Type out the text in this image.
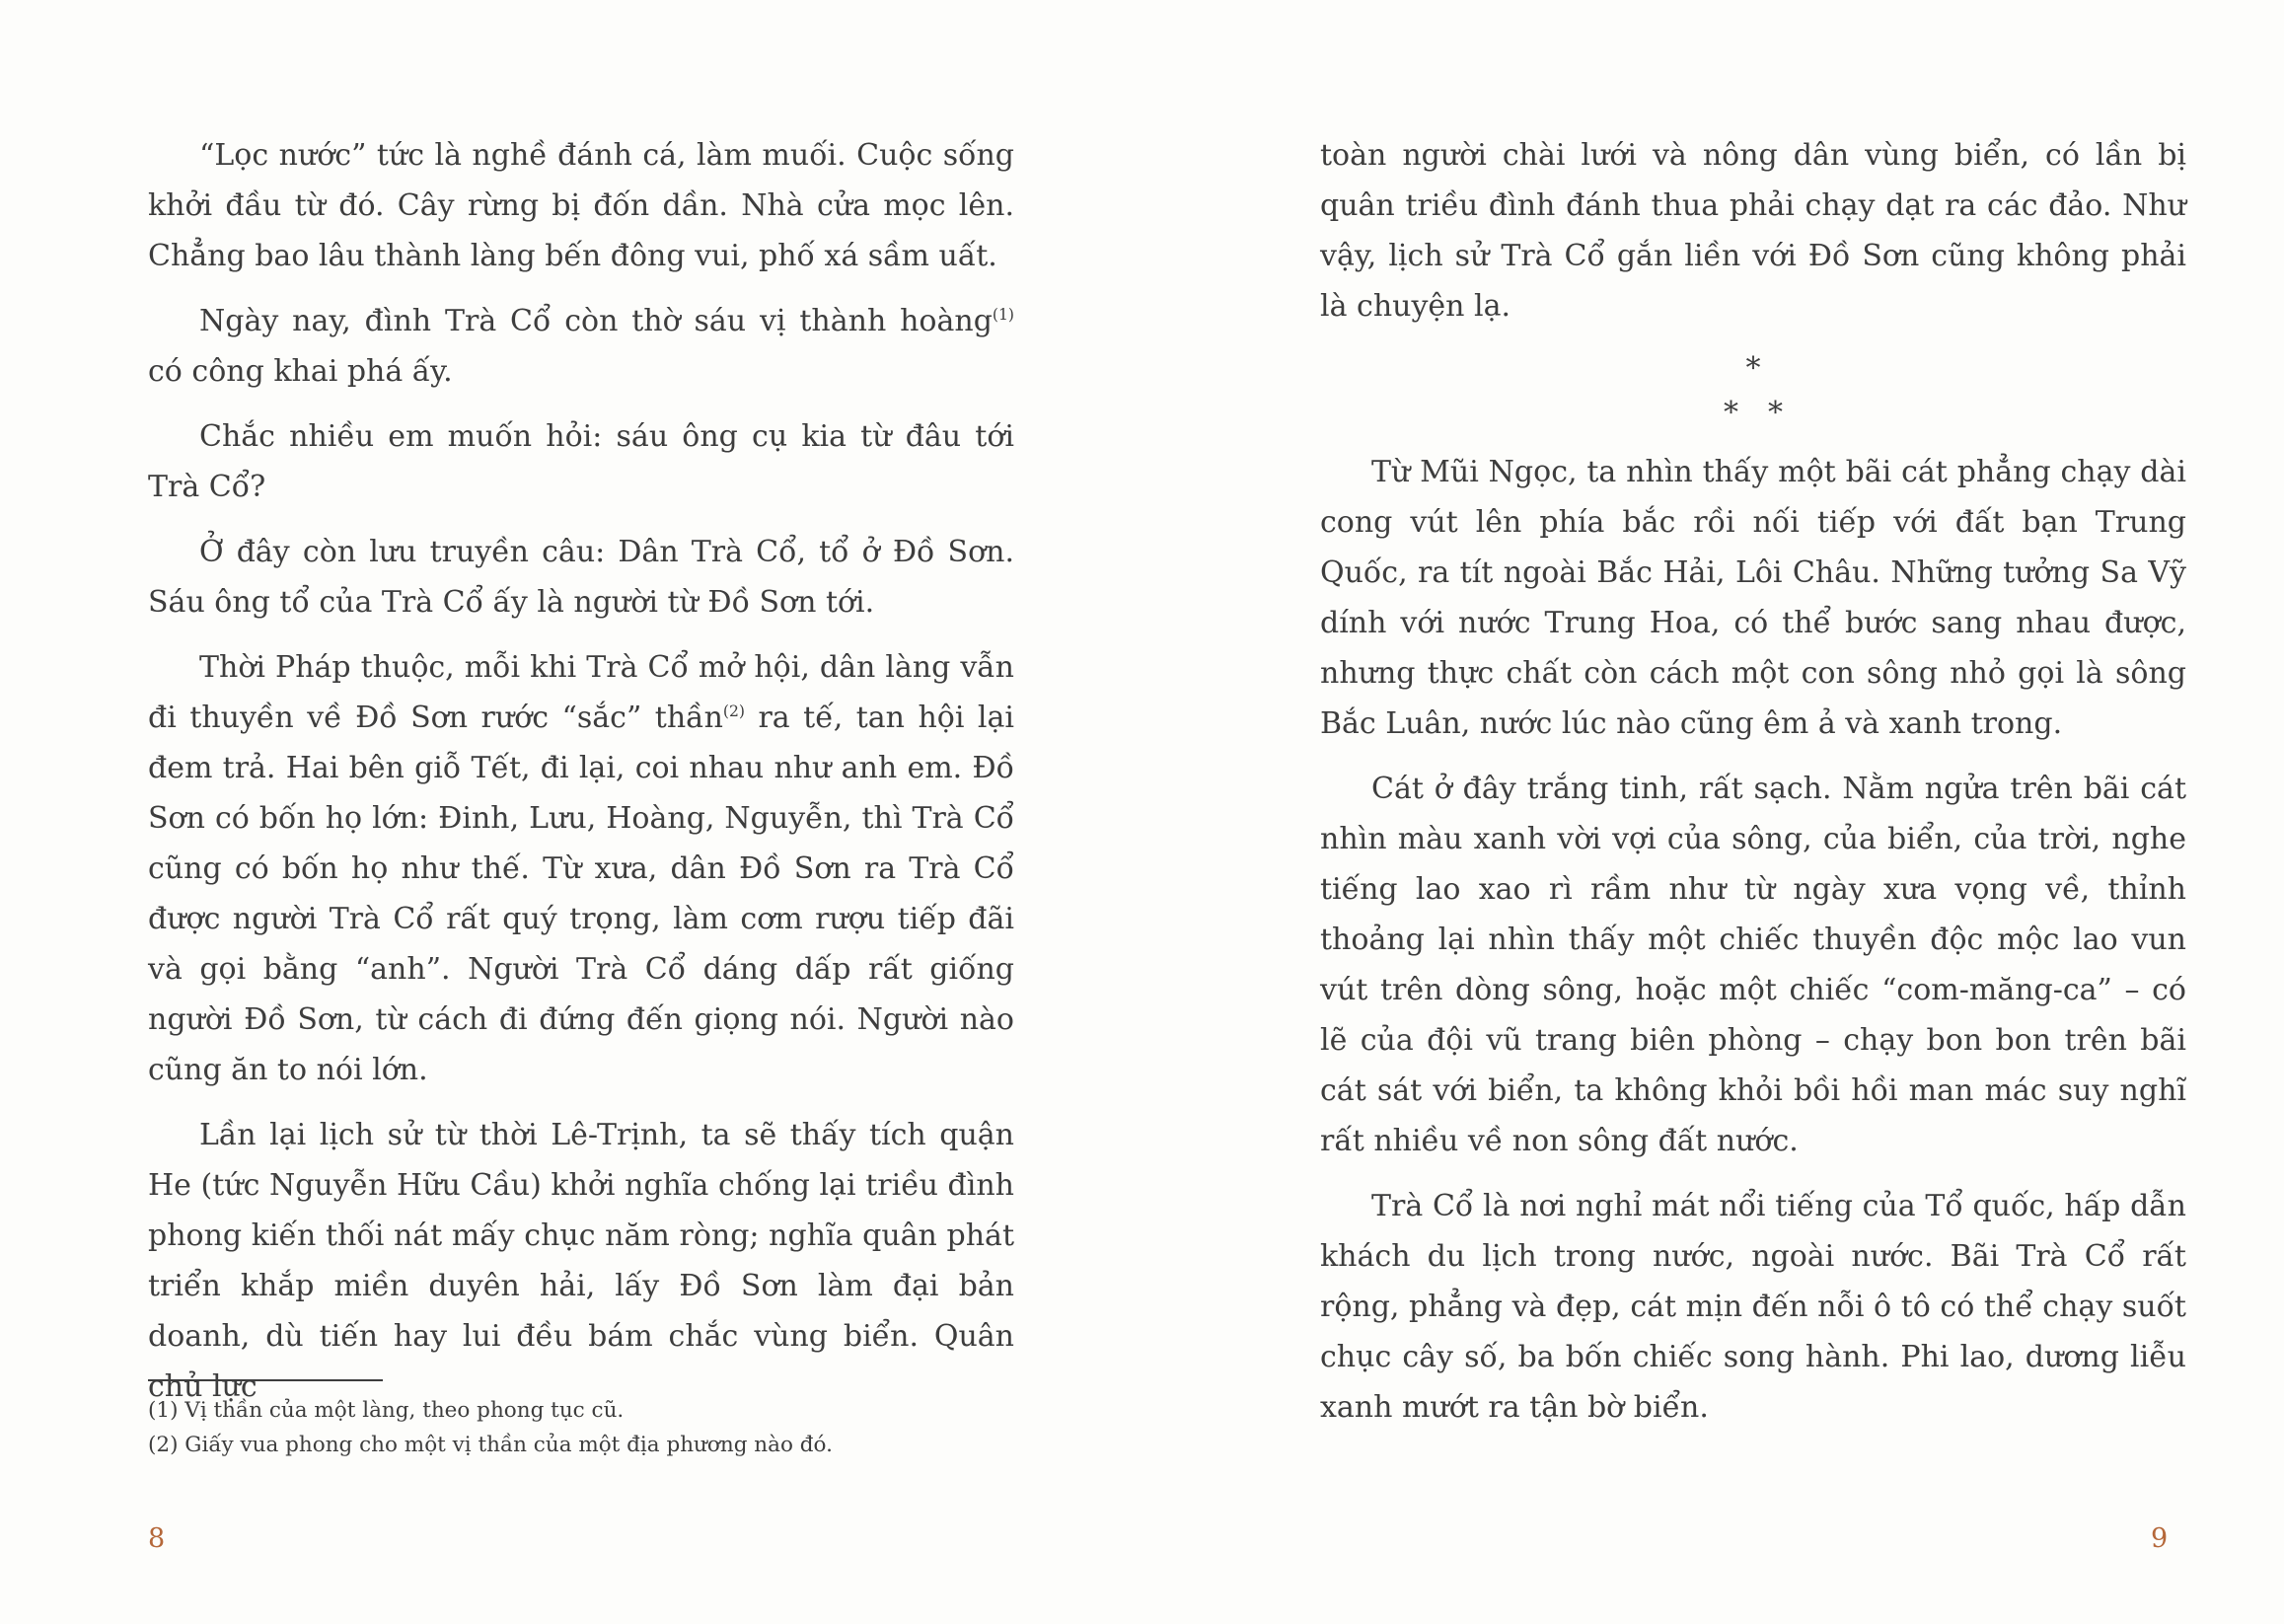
“Lọc nước” tức là nghề đánh cá, làm muối. Cuộc sống khởi đầu từ đó. Cây rừng bị đốn dần. Nhà cửa mọc lên. Chẳng bao lâu thành làng bến đông vui, phố xá sầm uất.

Ngày nay, đình Trà Cổ còn thờ sáu vị thành hoàng$^{(1)}$ có công khai phá ấy.

Chắc nhiều em muốn hỏi: sáu ông cụ kia từ đâu tới Trà Cổ?

Ở đây còn lưu truyền câu: Dân Trà Cổ, tổ ở Đồ Sơn. Sáu ông tổ của Trà Cổ ấy là người từ Đồ Sơn tới.

Thời Pháp thuộc, mỗi khi Trà Cổ mở hội, dân làng vẫn đi thuyền về Đồ Sơn rước “sắc” thần$^{(2)}$ ra tế, tan hội lại đem trả. Hai bên giỗ Tết, đi lại, coi nhau như anh em. Đồ Sơn có bốn họ lớn: Đinh, Lưu, Hoàng, Nguyễn, thì Trà Cổ cũng có bốn họ như thế. Từ xưa, dân Đồ Sơn ra Trà Cổ được người Trà Cổ rất quý trọng, làm cơm rượu tiếp đãi và gọi bằng “anh”. Người Trà Cổ dáng dấp rất giống người Đồ Sơn, từ cách đi đứng đến giọng nói. Người nào cũng ăn to nói lớn.

Lần lại lịch sử từ thời Lê-Trịnh, ta sẽ thấy tích quận He (tức Nguyễn Hữu Cầu) khởi nghĩa chống lại triều đình phong kiến thối nát mấy chục năm ròng; nghĩa quân phát triển khắp miền duyên hải, lấy Đồ Sơn làm đại bản doanh, dù tiến hay lui đều bám chắc vùng biển. Quân chủ lực

toàn người chài lưới và nông dân vùng biển, có lần bị quân triều đình đánh thua phải chạy dạt ra các đảo. Như vậy, lịch sử Trà Cổ gắn liền với Đồ Sơn cũng không phải là chuyện lạ.

*
*  *

Từ Mũi Ngọc, ta nhìn thấy một bãi cát phẳng chạy dài cong vút lên phía bắc rồi nối tiếp với đất bạn Trung Quốc, ra tít ngoài Bắc Hải, Lôi Châu. Những tưởng Sa Vỹ dính với nước Trung Hoa, có thể bước sang nhau được, nhưng thực chất còn cách một con sông nhỏ gọi là sông Bắc Luân, nước lúc nào cũng êm ả và xanh trong.

Cát ở đây trắng tinh, rất sạch. Nằm ngửa trên bãi cát nhìn màu xanh vời vợi của sông, của biển, của trời, nghe tiếng lao xao rì rầm như từ ngày xưa vọng về, thỉnh thoảng lại nhìn thấy một chiếc thuyền độc mộc lao vun vút trên dòng sông, hoặc một chiếc “com-măng-ca” – có lẽ của đội vũ trang biên phòng – chạy bon bon trên bãi cát sát với biển, ta không khỏi bồi hồi man mác suy nghĩ rất nhiều về non sông đất nước.

Trà Cổ là nơi nghỉ mát nổi tiếng của Tổ quốc, hấp dẫn khách du lịch trong nước, ngoài nước. Bãi Trà Cổ rất rộng, phẳng và đẹp, cát mịn đến nỗi ô tô có thể chạy suốt chục cây số, ba bốn chiếc song hành. Phi lao, dương liễu xanh mướt ra tận bờ biển.

(1) Vị thần của một làng, theo phong tục cũ.
(2) Giấy vua phong cho một vị thần của một địa phương nào đó.
8	9
